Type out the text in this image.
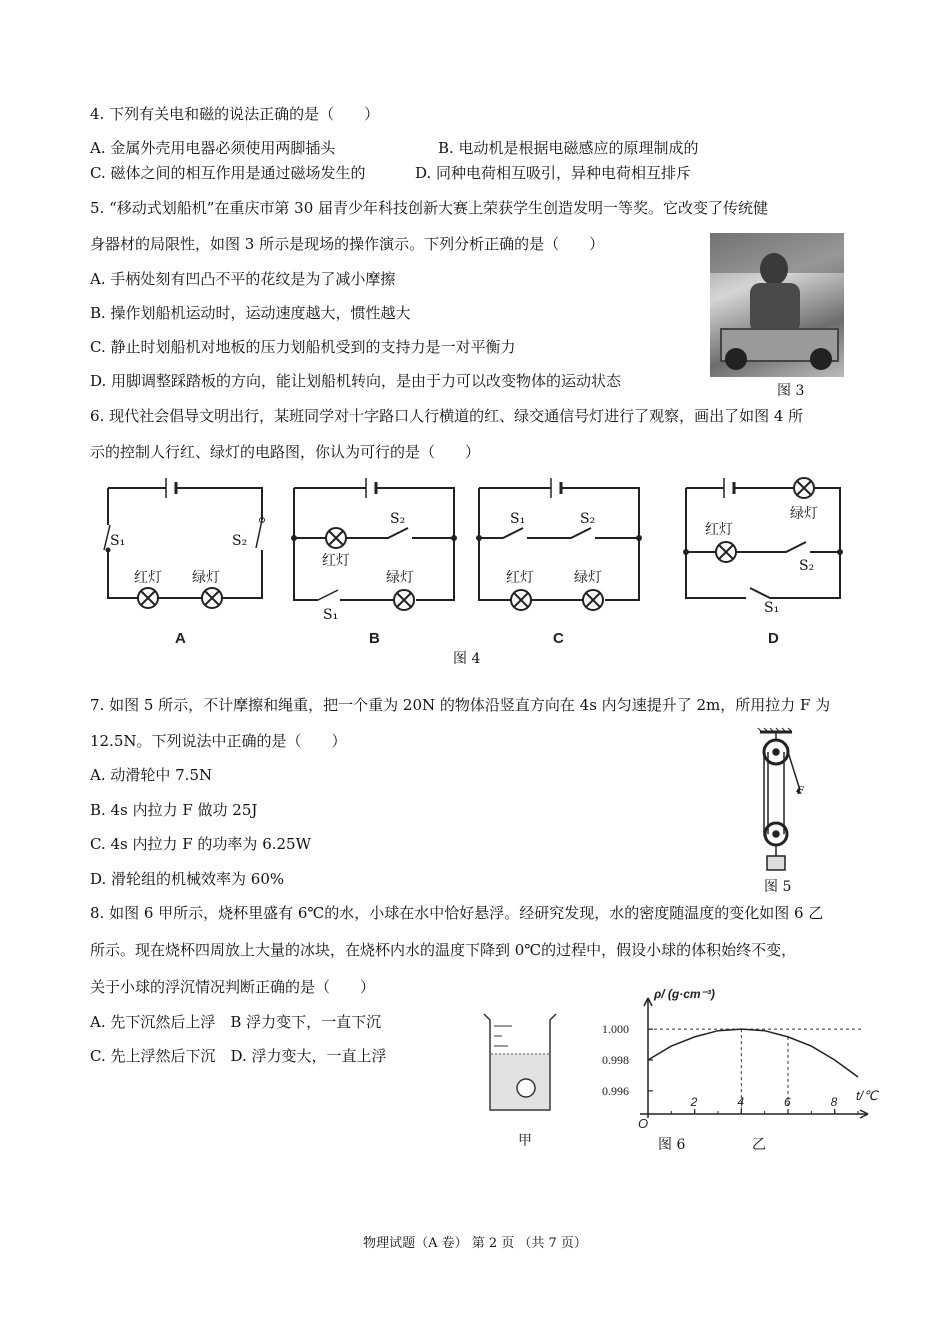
4. 下列有关电和磁的说法正确的是（　　）
A. 金属外壳用电器必须使用两脚插头	B. 电动机是根据电磁感应的原理制成的
C. 磁体之间的相互作用是通过磁场发生的	D. 同种电荷相互吸引，异种电荷相互排斥
5. “移动式划船机”在重庆市第 30 届青少年科技创新大赛上荣获学生创造发明一等奖。它改变了传统健
身器材的局限性，如图 3 所示是现场的操作演示。下列分析正确的是（　　）
A. 手柄处刻有凹凸不平的花纹是为了减小摩擦
B. 操作划船机运动时，运动速度越大，惯性越大
C. 静止时划船机对地板的压力划船机受到的支持力是一对平衡力
D. 用脚调整踩踏板的方向，能让划船机转向，是由于力可以改变物体的运动状态
图 3
6. 现代社会倡导文明出行，某班同学对十字路口人行横道的红、绿交通信号灯进行了观察，画出了如图 4 所
示的控制人行红、绿灯的电路图，你认为可行的是（　　）
S₁	S₂
红灯 绿灯
A
S₂
红灯
绿灯
S₁
B
S₁	S₂
红灯	绿灯
C
绿灯
红灯
S₂
S₁
D
图 4
7. 如图 5 所示，不计摩擦和绳重，把一个重为 20N 的物体沿竖直方向在 4s 内匀速提升了 2m，所用拉力 F 为
12.5N。下列说法中正确的是（　　）
A. 动滑轮中 7.5N
B. 4s 内拉力 F 做功 25J
C. 4s 内拉力 F 的功率为 6.25W
D. 滑轮组的机械效率为 60%
F
图 5
8. 如图 6 甲所示，烧杯里盛有 6℃的水，小球在水中恰好悬浮。经研究发现，水的密度随温度的变化如图 6 乙
所示。现在烧杯四周放上大量的冰块，在烧杯内水的温度下降到 0℃的过程中，假设小球的体积始终不变，
关于小球的浮沉情况判断正确的是（　　）
A. 先下沉然后上浮　B 浮力变下，一直下沉
C. 先上浮然后下沉　D. 浮力变大，一直上浮
甲
2	4	6	8
1.000
0.998
0.996
ρ/ (g·cm⁻³)
t/℃
O
图 6	乙
物理试题（A 卷） 第 2 页 （共 7 页）
